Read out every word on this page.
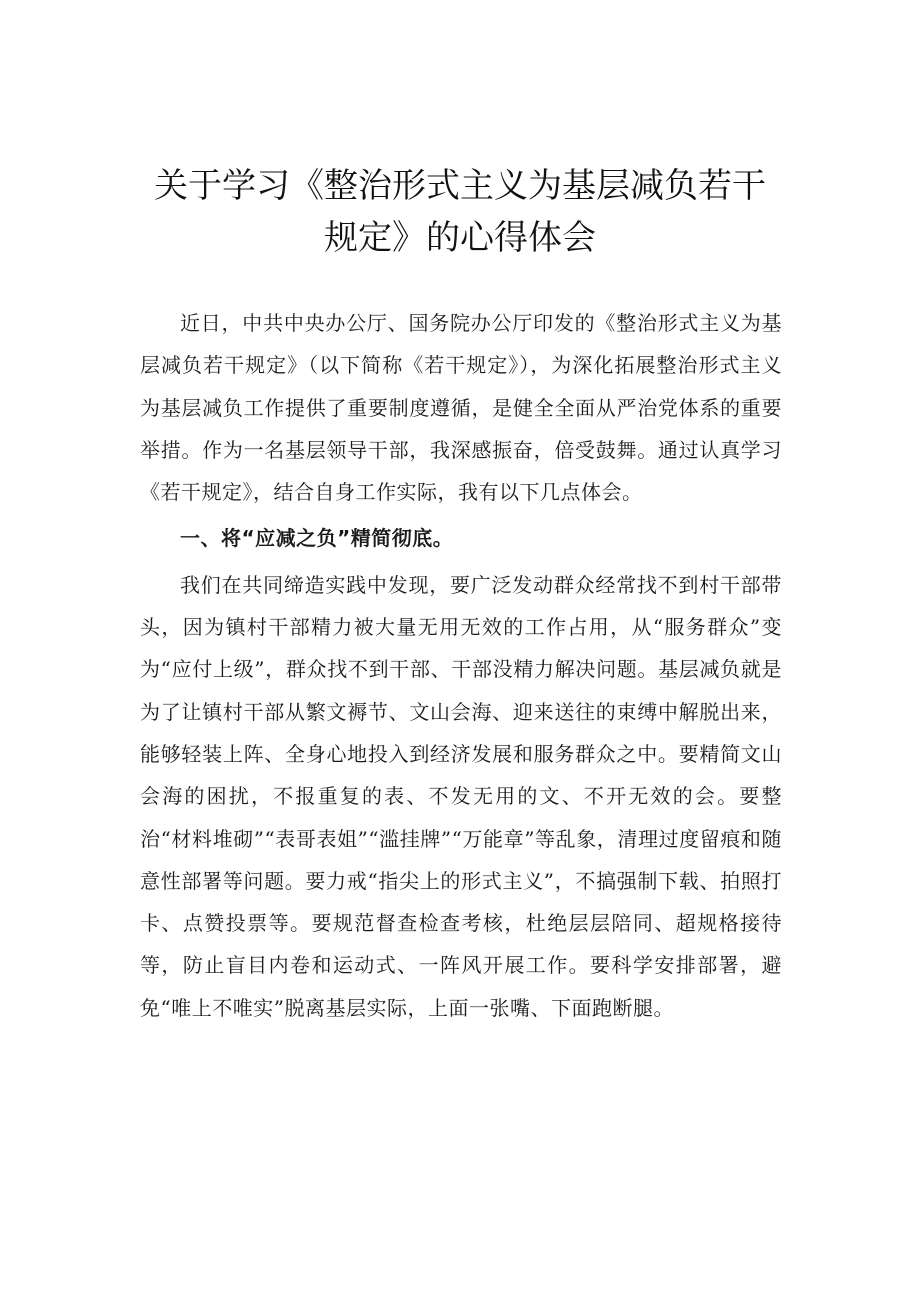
关于学习《整治形式主义为基层减负若干
规定》的心得体会

近日，中共中央办公厅、国务院办公厅印发的《整治形式主义为基层减负若干规定》（以下简称《若干规定》），为深化拓展整治形式主义为基层减负工作提供了重要制度遵循，是健全全面从严治党体系的重要举措。作为一名基层领导干部，我深感振奋，倍受鼓舞。通过认真学习《若干规定》，结合自身工作实际，我有以下几点体会。

一、将“应减之负”精简彻底。

我们在共同缔造实践中发现，要广泛发动群众经常找不到村干部带头，因为镇村干部精力被大量无用无效的工作占用，从“服务群众”变为“应付上级”，群众找不到干部、干部没精力解决问题。基层减负就是为了让镇村干部从繁文褥节、文山会海、迎来送往的束缚中解脱出来，能够轻装上阵、全身心地投入到经济发展和服务群众之中。要精简文山会海的困扰，不报重复的表、不发无用的文、不开无效的会。要整治“材料堆砌”“表哥表姐”“滥挂牌”“万能章”等乱象，清理过度留痕和随意性部署等问题。要力戒“指尖上的形式主义”，不搞强制下载、拍照打卡、点赞投票等。要规范督查检查考核，杜绝层层陪同、超规格接待等，防止盲目内卷和运动式、一阵风开展工作。要科学安排部署，避免“唯上不唯实”脱离基层实际，上面一张嘴、下面跑断腿。
